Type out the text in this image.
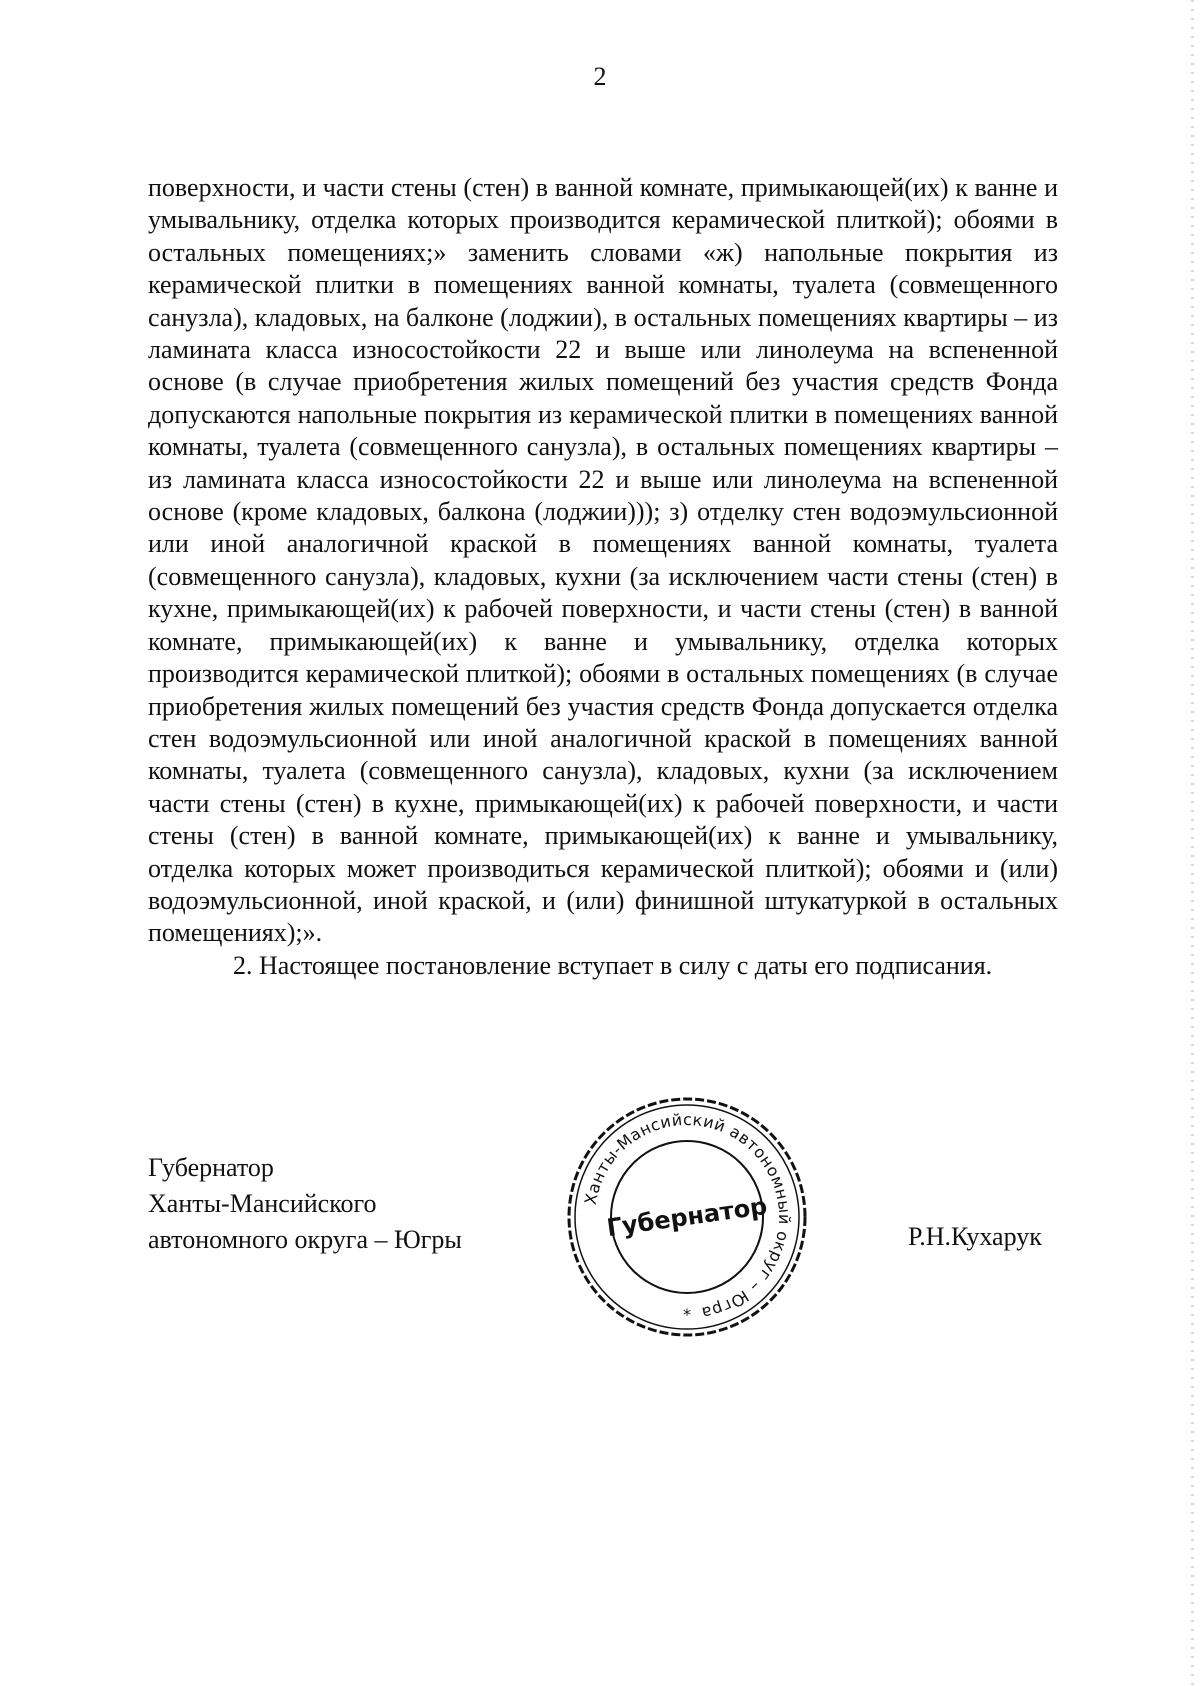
2

поверхности, и части стены (стен) в ванной комнате, примыкающей(их) к ванне и умывальнику, отделка которых производится керамической плиткой); обоями в остальных помещениях;» заменить словами «ж) напольные покрытия из керамической плитки в помещениях ванной комнаты, туалета (совмещенного санузла), кладовых, на балконе (лоджии), в остальных помещениях квартиры – из ламината класса износостойкости 22 и выше или линолеума на вспененной основе (в случае приобретения жилых помещений без участия средств Фонда допускаются напольные покрытия из керамической плитки в помещениях ванной комнаты, туалета (совмещенного санузла), в остальных помещениях квартиры – из ламината класса износостойкости 22 и выше или линолеума на вспененной основе (кроме кладовых, балкона (лоджии))); з) отделку стен водоэмульсионной или иной аналогичной краской в помещениях ванной комнаты, туалета (совмещенного санузла), кладовых, кухни (за исключением части стены (стен) в кухне, примыкающей(их) к рабочей поверхности, и части стены (стен) в ванной комнате, примыкающей(их) к ванне и умывальнику, отделка которых производится керамической плиткой); обоями в остальных помещениях (в случае приобретения жилых помещений без участия средств Фонда допускается отделка стен водоэмульсионной или иной аналогичной краской в помещениях ванной комнаты, туалета (совмещенного санузла), кладовых, кухни (за исключением части стены (стен) в кухне, примыкающей(их) к рабочей поверхности, и части стены (стен) в ванной комнате, примыкающей(их) к ванне и умывальнику, отделка которых может производиться керамической плиткой); обоями и (или) водоэмульсионной, иной краской, и (или) финишной штукатуркой в остальных помещениях);».

2. Настоящее постановление вступает в силу с даты его подписания.

Губернатор
Ханты-Мансийского
автономного округа – Югры
Ханты-Мансийский автономный округ – Югра
Губернатор
*
Р.Н.Кухарук
